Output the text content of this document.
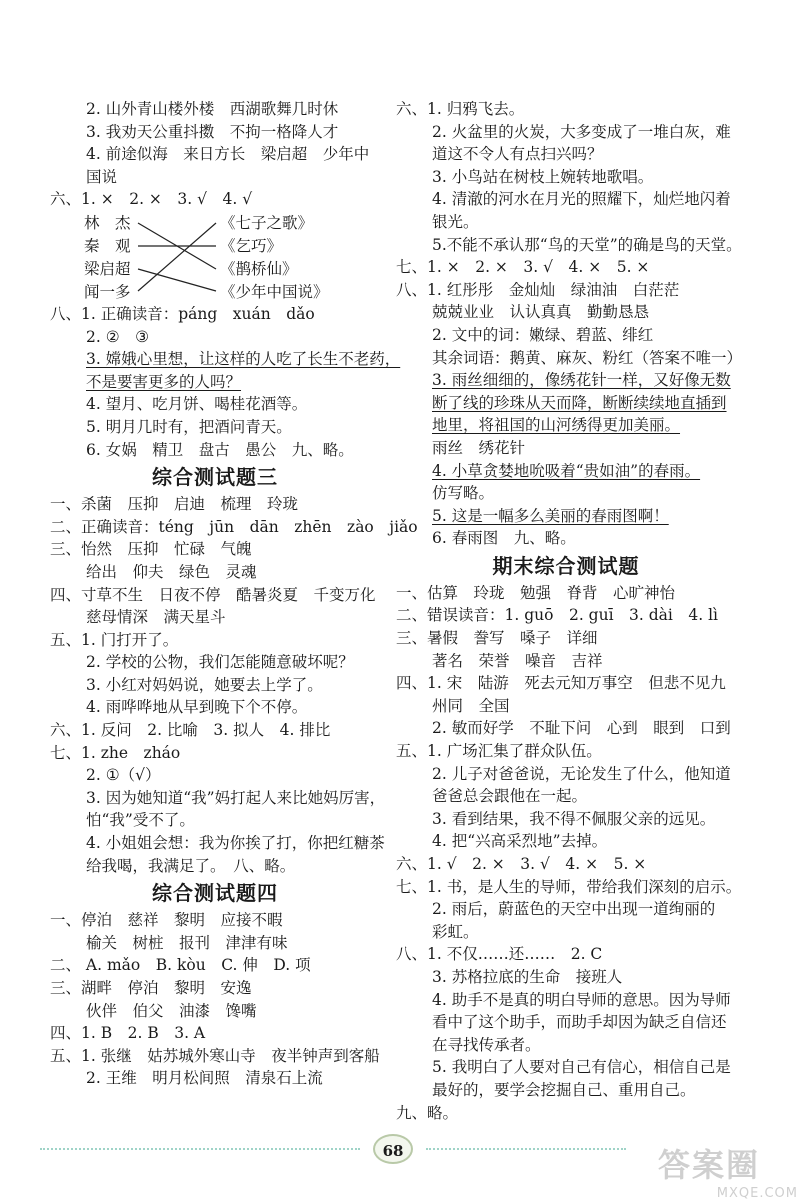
2. 山外青山楼外楼　西湖歌舞几时休
3. 我劝天公重抖擞　不拘一格降人才
4. 前途似海　来日方长　梁启超　少年中
国说
六、1. ×　2. ×　3. √　4. √
林　杰
秦　观
梁启超
闻一多
《七子之歌》
《乞巧》
《鹊桥仙》
《少年中国说》
八、1. 正确读音：páng　xuán　dǎo
2. ②　③
3. 嫦娥心里想，让这样的人吃了长生不老药，
不是要害更多的人吗？
4. 望月、吃月饼、喝桂花酒等。
5. 明月几时有，把酒问青天。
6. 女娲　精卫　盘古　愚公　九、略。
综合测试题三
一、杀菌　压抑　启迪　梳理　玲珑
二、正确读音：téng　jūn　dān　zhēn　zào　jiǎo
三、怡然　压抑　忙碌　气魄
给出　仰夫　绿色　灵魂
四、寸草不生　日夜不停　酷暑炎夏　千变万化
慈母情深　满天星斗
五、1. 门打开了。
2. 学校的公物，我们怎能随意破坏呢？
3. 小红对妈妈说，她要去上学了。
4. 雨哗哗地从早到晚下个不停。
六、1. 反问　2. 比喻　3. 拟人　4. 排比
七、1. zhe　zháo
2. ①（√）
3. 因为她知道“我”妈打起人来比她妈厉害，
怕“我”受不了。
4. 小姐姐会想：我为你挨了打，你把红糖茶
给我喝，我满足了。　八、略。
综合测试题四
一、停泊　慈祥　黎明　应接不暇
榆关　树桩　报刊　津津有味
二、 A. mǎo　B. kòu　C. 伸　D. 项
三、湖畔　停泊　黎明　安逸
伙伴　伯父　油漆　馋嘴
四、1. B　2. B　3. A
五、1. 张继　姑苏城外寒山寺　夜半钟声到客船
2. 王维　明月松间照　清泉石上流
六、1. 归鸦飞去。
2. 火盆里的火炭，大多变成了一堆白灰，难
道这不令人有点扫兴吗？
3. 小鸟站在树枝上婉转地歌唱。
4. 清澈的河水在月光的照耀下，灿烂地闪着
银光。
5.不能不承认那“鸟的天堂”的确是鸟的天堂。
七、1. ×　2. ×　3. √　4. ×　5. ×
八、1. 红彤彤　金灿灿　绿油油　白茫茫
兢兢业业　认认真真　勤勤恳恳
2. 文中的词：嫩绿、碧蓝、绯红
其余词语：鹅黄、麻灰、粉红（答案不唯一）
3. 雨丝细细的，像绣花针一样，又好像无数
断了线的珍珠从天而降，断断续续地直插到
地里，将祖国的山河绣得更加美丽。
雨丝　绣花针
4. 小草贪婪地吮吸着“贵如油”的春雨。
仿写略。
5. 这是一幅多么美丽的春雨图啊！
6. 春雨图　九、略。
期末综合测试题
一、估算　玲珑　勉强　脊背　心旷神怡
二、错误读音：1. guō　2. guī　3. dài　4. lì
三、暑假　誊写　嗓子　详细
著名　荣誉　噪音　吉祥
四、1. 宋　陆游　死去元知万事空　但悲不见九
州同　全国
2. 敏而好学　不耻下问　心到　眼到　口到
五、1. 广场汇集了群众队伍。
2. 儿子对爸爸说，无论发生了什么，他知道
爸爸总会跟他在一起。
3. 看到结果，我不得不佩服父亲的远见。
4. 把“兴高采烈地”去掉。
六、1. √　2. ×　3. √　4. ×　5. ×
七、1. 书，是人生的导师，带给我们深刻的启示。
2. 雨后，蔚蓝色的天空中出现一道绚丽的
彩虹。
八、1. 不仅……还……　2. C
3. 苏格拉底的生命　接班人
4. 助手不是真的明白导师的意思。因为导师
看中了这个助手，而助手却因为缺乏自信还
在寻找传承者。
5. 我明白了人要对自己有信心，相信自己是
最好的，要学会挖掘自己、重用自己。
九、略。
68	答案圈
MXQE.COM
